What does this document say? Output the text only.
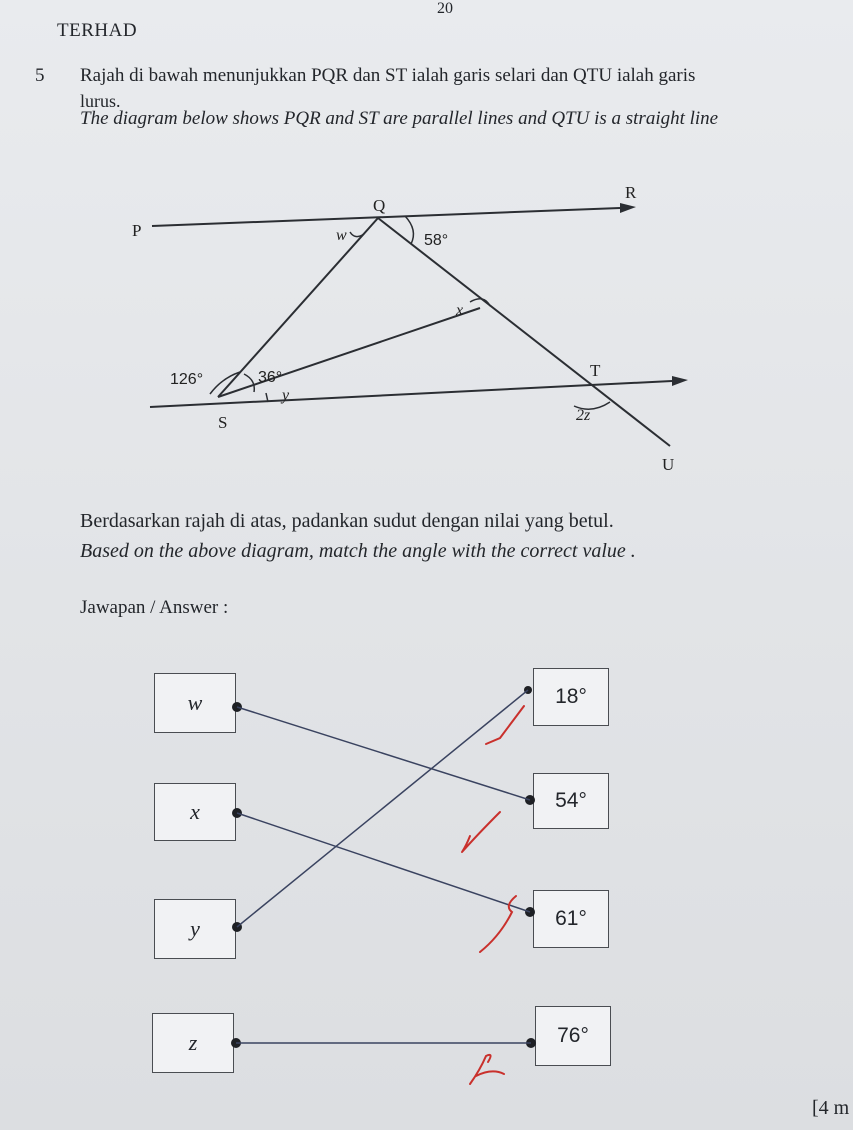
20
TERHAD
5 Rajah di bawah menunjukkan PQR dan ST ialah garis selari dan QTU ialah garis
lurus.
The diagram below shows PQR and ST are parallel lines and QTU is a straight line
P
Q
R
S
T
U
w	58°
x
126°	36°
y
2z
Berdasarkan rajah di atas, padankan sudut dengan nilai yang betul.
Based on the above diagram, match the angle with the correct value .
Jawapan / Answer :
w
x
y
z
18°
54°
61°
76°
[4 m
